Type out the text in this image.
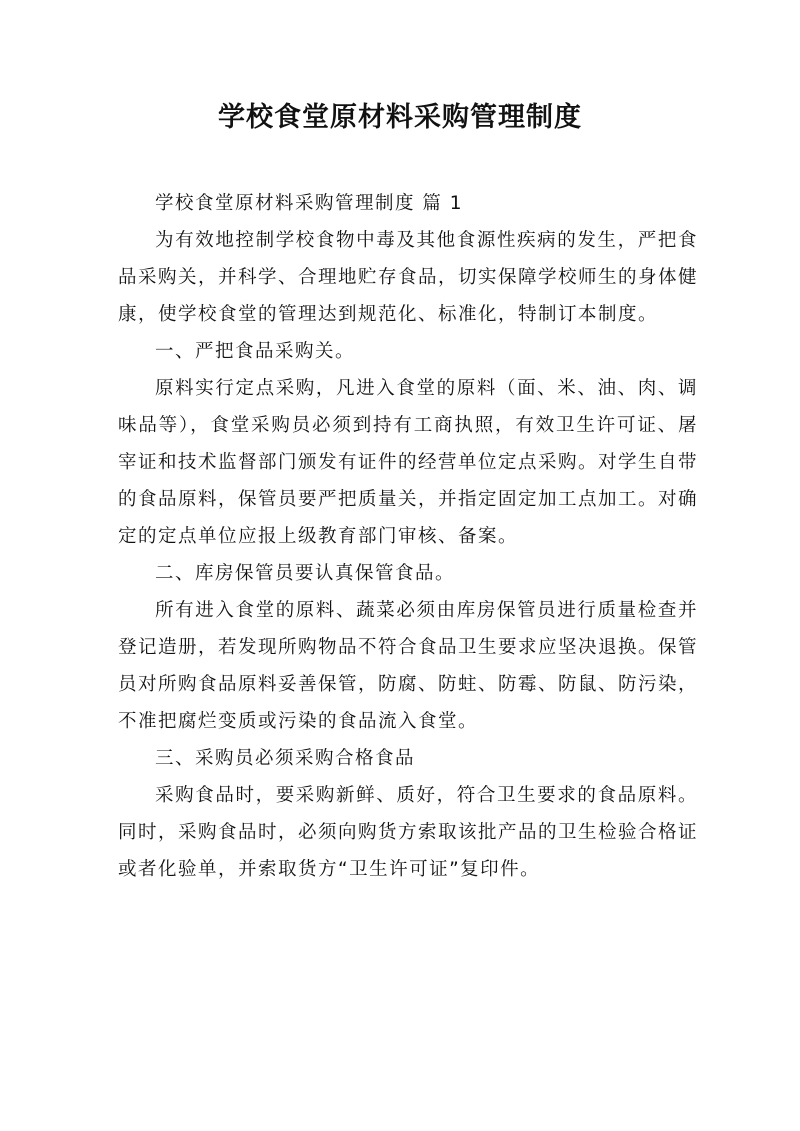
学校食堂原材料采购管理制度

学校食堂原材料采购管理制度 篇 1

为有效地控制学校食物中毒及其他食源性疾病的发生，严把食品采购关，并科学、合理地贮存食品，切实保障学校师生的身体健康，使学校食堂的管理达到规范化、标准化，特制订本制度。

一、严把食品采购关。

原料实行定点采购，凡进入食堂的原料（面、米、油、肉、调味品等），食堂采购员必须到持有工商执照，有效卫生许可证、屠宰证和技术监督部门颁发有证件的经营单位定点采购。对学生自带的食品原料，保管员要严把质量关，并指定固定加工点加工。对确定的定点单位应报上级教育部门审核、备案。

二、库房保管员要认真保管食品。

所有进入食堂的原料、蔬菜必须由库房保管员进行质量检查并登记造册，若发现所购物品不符合食品卫生要求应坚决退换。保管员对所购食品原料妥善保管，防腐、防蛀、防霉、防鼠、防污染，不准把腐烂变质或污染的食品流入食堂。

三、采购员必须采购合格食品

采购食品时，要采购新鲜、质好，符合卫生要求的食品原料。同时，采购食品时，必须向购货方索取该批产品的卫生检验合格证或者化验单，并索取货方“卫生许可证”复印件。
